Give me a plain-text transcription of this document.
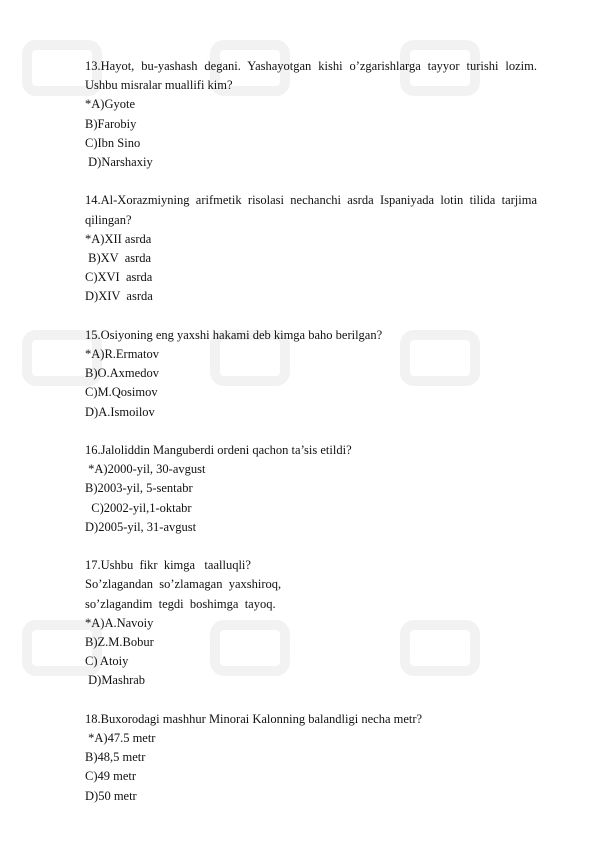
13.Hayot, bu-yashash degani. Yashayotgan kishi o’zgarishlarga tayyor turishi lozim. Ushbu misralar muallifi kim?
*A)Gyote
B)Farobiy
C)Ibn Sino
D)Narshaxiy
14.Al-Xorazmiyning arifmetik risolasi nechanchi asrda Ispaniyada lotin tilida tarjima qilingan?
*A)XII asrda
B)XV  asrda
C)XVI  asrda
D)XIV  asrda
15.Osiyoning eng yaxshi hakami deb kimga baho berilgan?
*A)R.Ermatov
B)O.Axmedov
C)M.Qosimov
D)A.Ismoilov
16.Jaloliddin Manguberdi ordeni qachon ta’sis etildi?
*A)2000-yil, 30-avgust
B)2003-yil, 5-sentabr
C)2002-yil,1-oktabr
D)2005-yil, 31-avgust
17.Ushbu  fikr  kimga   taalluqli?
So’zlagandan  so’zlamagan  yaxshiroq,
so’zlagandim  tegdi  boshimga  tayoq.
*A)A.Navoiy
B)Z.M.Bobur
C) Atoiy
D)Mashrab
18.Buxorodagi mashhur Minorai Kalonning balandligi necha metr?
*A)47.5 metr
B)48,5 metr
C)49 metr
D)50 metr
